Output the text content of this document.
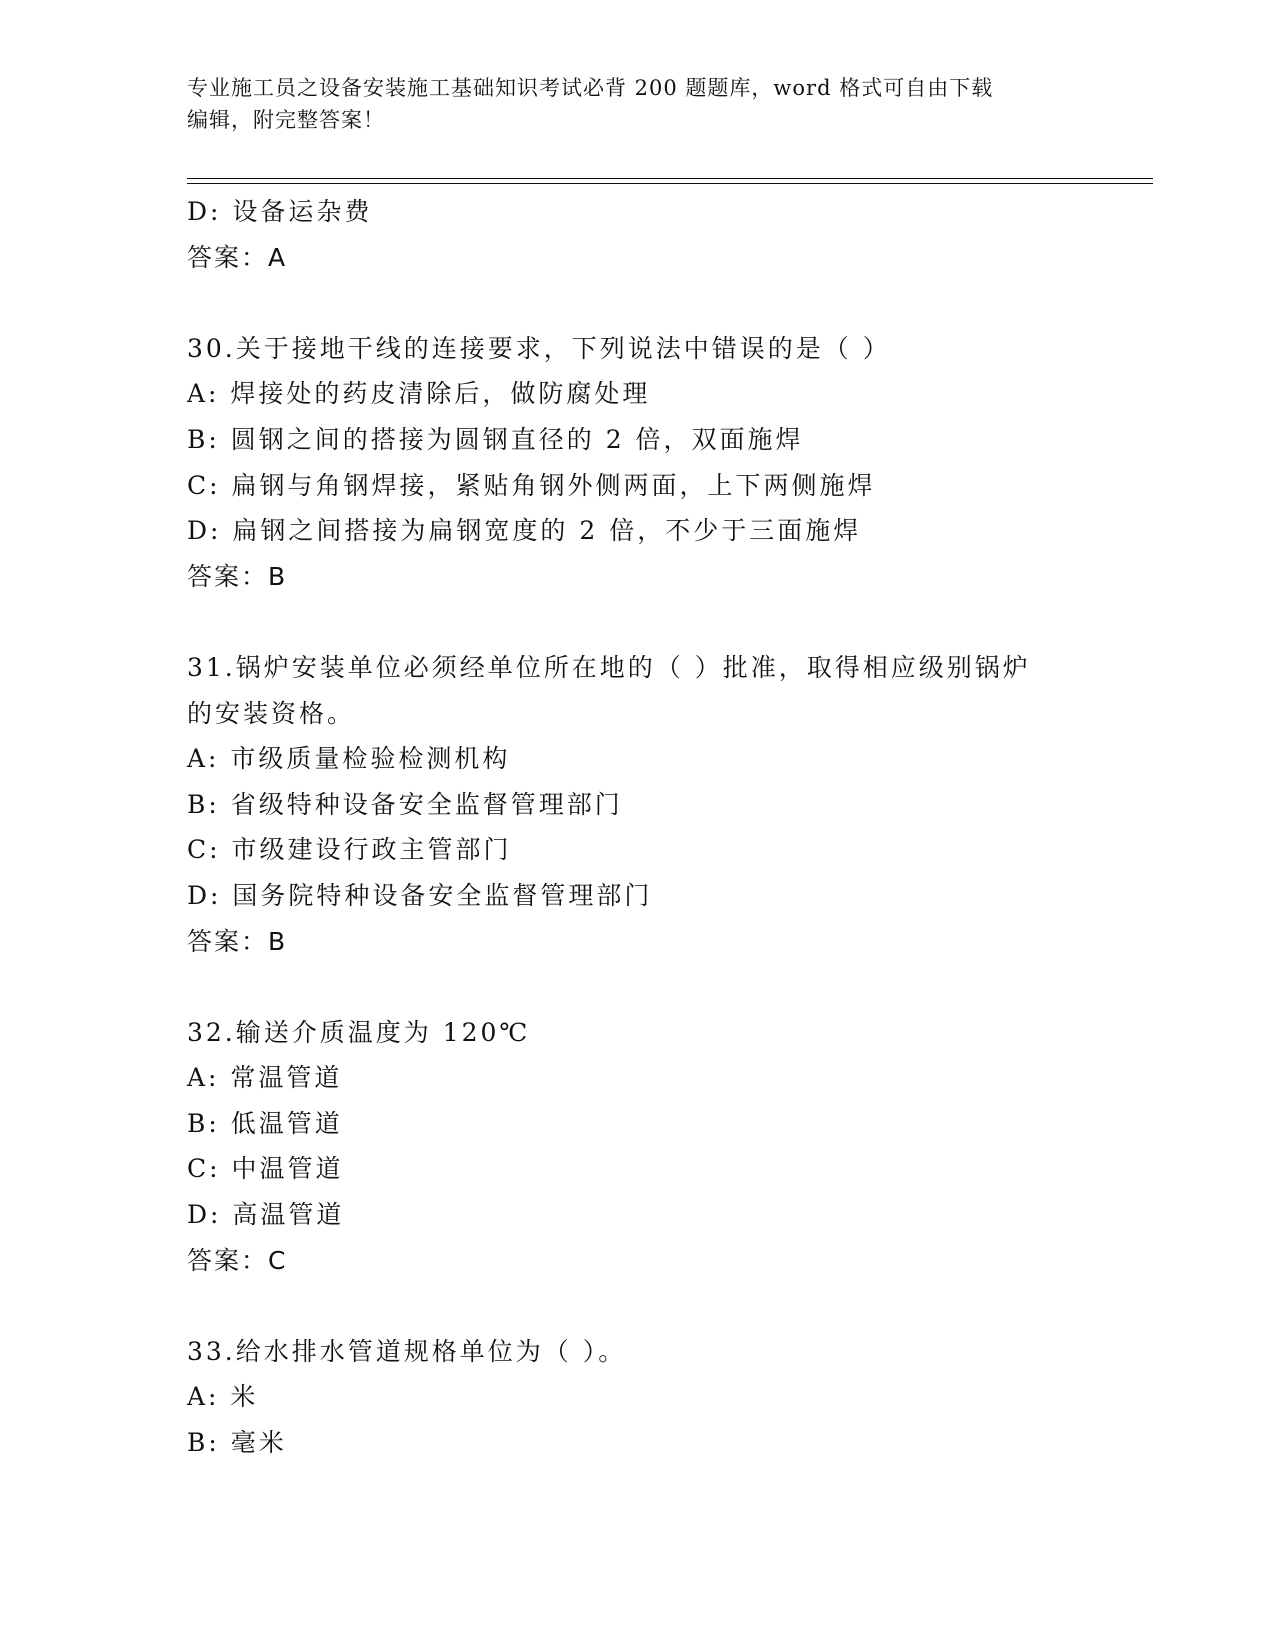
专业施工员之设备安装施工基础知识考试必背 200 题题库，word 格式可自由下载
编辑，附完整答案！
D: 设备运杂费
答案：A
30.关于接地干线的连接要求，下列说法中错误的是（ ）
A: 焊接处的药皮清除后，做防腐处理
B: 圆钢之间的搭接为圆钢直径的 2 倍，双面施焊
C: 扁钢与角钢焊接，紧贴角钢外侧两面，上下两侧施焊
D: 扁钢之间搭接为扁钢宽度的 2 倍，不少于三面施焊
答案：B
31.锅炉安装单位必须经单位所在地的（ ）批准，取得相应级别锅炉
的安装资格。
A: 市级质量检验检测机构
B: 省级特种设备安全监督管理部门
C: 市级建设行政主管部门
D: 国务院特种设备安全监督管理部门
答案：B
32.输送介质温度为 120℃
A: 常温管道
B: 低温管道
C: 中温管道
D: 高温管道
答案：C
33.给水排水管道规格单位为（ ）。
A: 米
B: 毫米
